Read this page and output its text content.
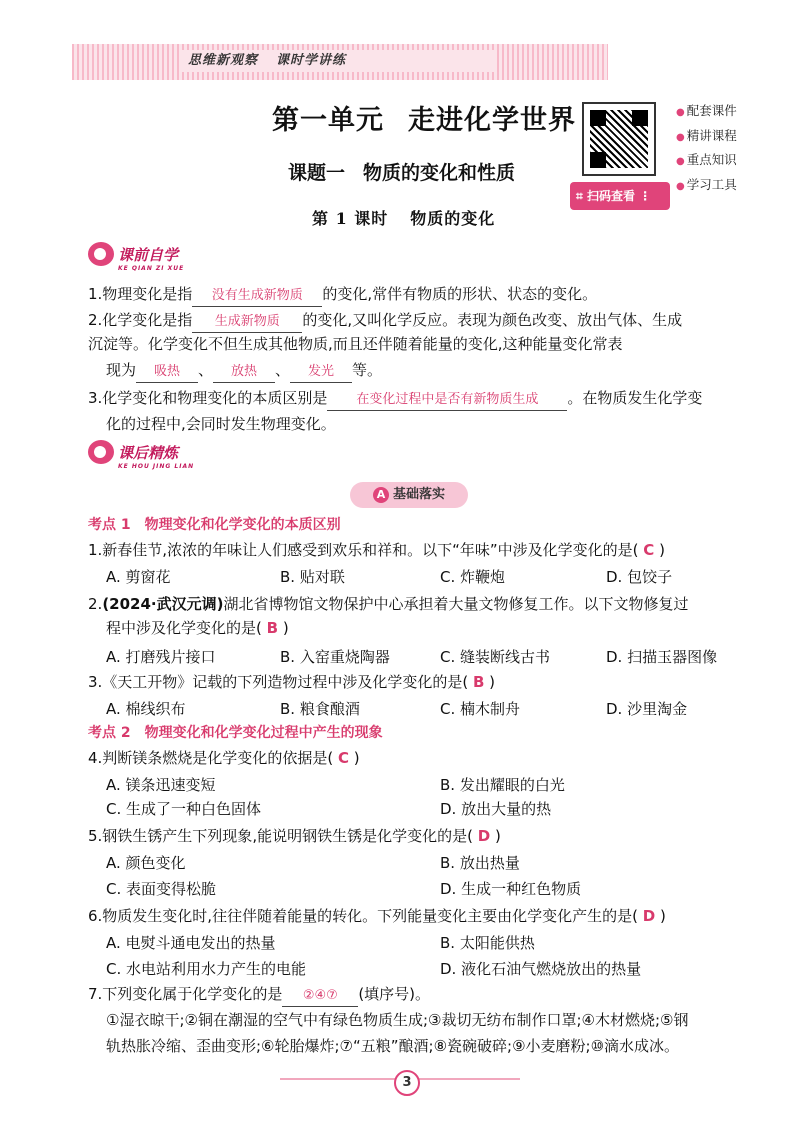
思维新观察 课时学讲练
第一单元 走进化学世界
课题一 物质的变化和性质
第 1 课时 物质的变化
● 配套课件
● 精讲课程
● 重点知识
● 学习工具
⌗ 扫码查看 ⋮
课前自学
KE QIAN ZI XUE
1.物理变化是指 没有生成新物质 的变化,常伴有物质的形状、状态的变化。
2.化学变化是指 生成新物质 的变化,又叫化学反应。表现为颜色改变、放出气体、生成
沉淀等。化学变化不但生成其他物质,而且还伴随着能量的变化,这种能量变化常表
现为 吸热 、 放热 、 发光 等。
3.化学变化和物理变化的本质区别是 在变化过程中是否有新物质生成 。在物质发生化学变
化的过程中,会同时发生物理变化。
课后精炼
KE HOU JING LIAN
A 基础落实
考点 1　物理变化和化学变化的本质区别
1.新春佳节,浓浓的年味让人们感受到欢乐和祥和。以下“年味”中涉及化学变化的是( C )
A. 剪窗花	B. 贴对联	C. 炸鞭炮	D. 包饺子
2.(2024·武汉元调)湖北省博物馆文物保护中心承担着大量文物修复工作。以下文物修复过
程中涉及化学变化的是( B )
A. 打磨残片接口	B. 入窑重烧陶器	C. 缝装断线古书	D. 扫描玉器图像
3.《天工开物》记载的下列造物过程中涉及化学变化的是( B )
A. 棉线织布	B. 粮食酿酒	C. 楠木制舟	D. 沙里淘金
考点 2　物理变化和化学变化过程中产生的现象
4.判断镁条燃烧是化学变化的依据是( C )
A. 镁条迅速变短	B. 发出耀眼的白光
C. 生成了一种白色固体	D. 放出大量的热
5.钢铁生锈产生下列现象,能说明钢铁生锈是化学变化的是( D )
A. 颜色变化	B. 放出热量
C. 表面变得松脆	D. 生成一种红色物质
6.物质发生变化时,往往伴随着能量的转化。下列能量变化主要由化学变化产生的是( D )
A. 电熨斗通电发出的热量	B. 太阳能供热
C. 水电站利用水力产生的电能	D. 液化石油气燃烧放出的热量
7.下列变化属于化学变化的是 ②④⑦ (填序号)。
①湿衣晾干;②铜在潮湿的空气中有绿色物质生成;③裁切无纺布制作口罩;④木材燃烧;⑤钢
轨热胀冷缩、歪曲变形;⑥轮胎爆炸;⑦“五粮”酿酒;⑧瓷碗破碎;⑨小麦磨粉;⑩滴水成冰。
3
